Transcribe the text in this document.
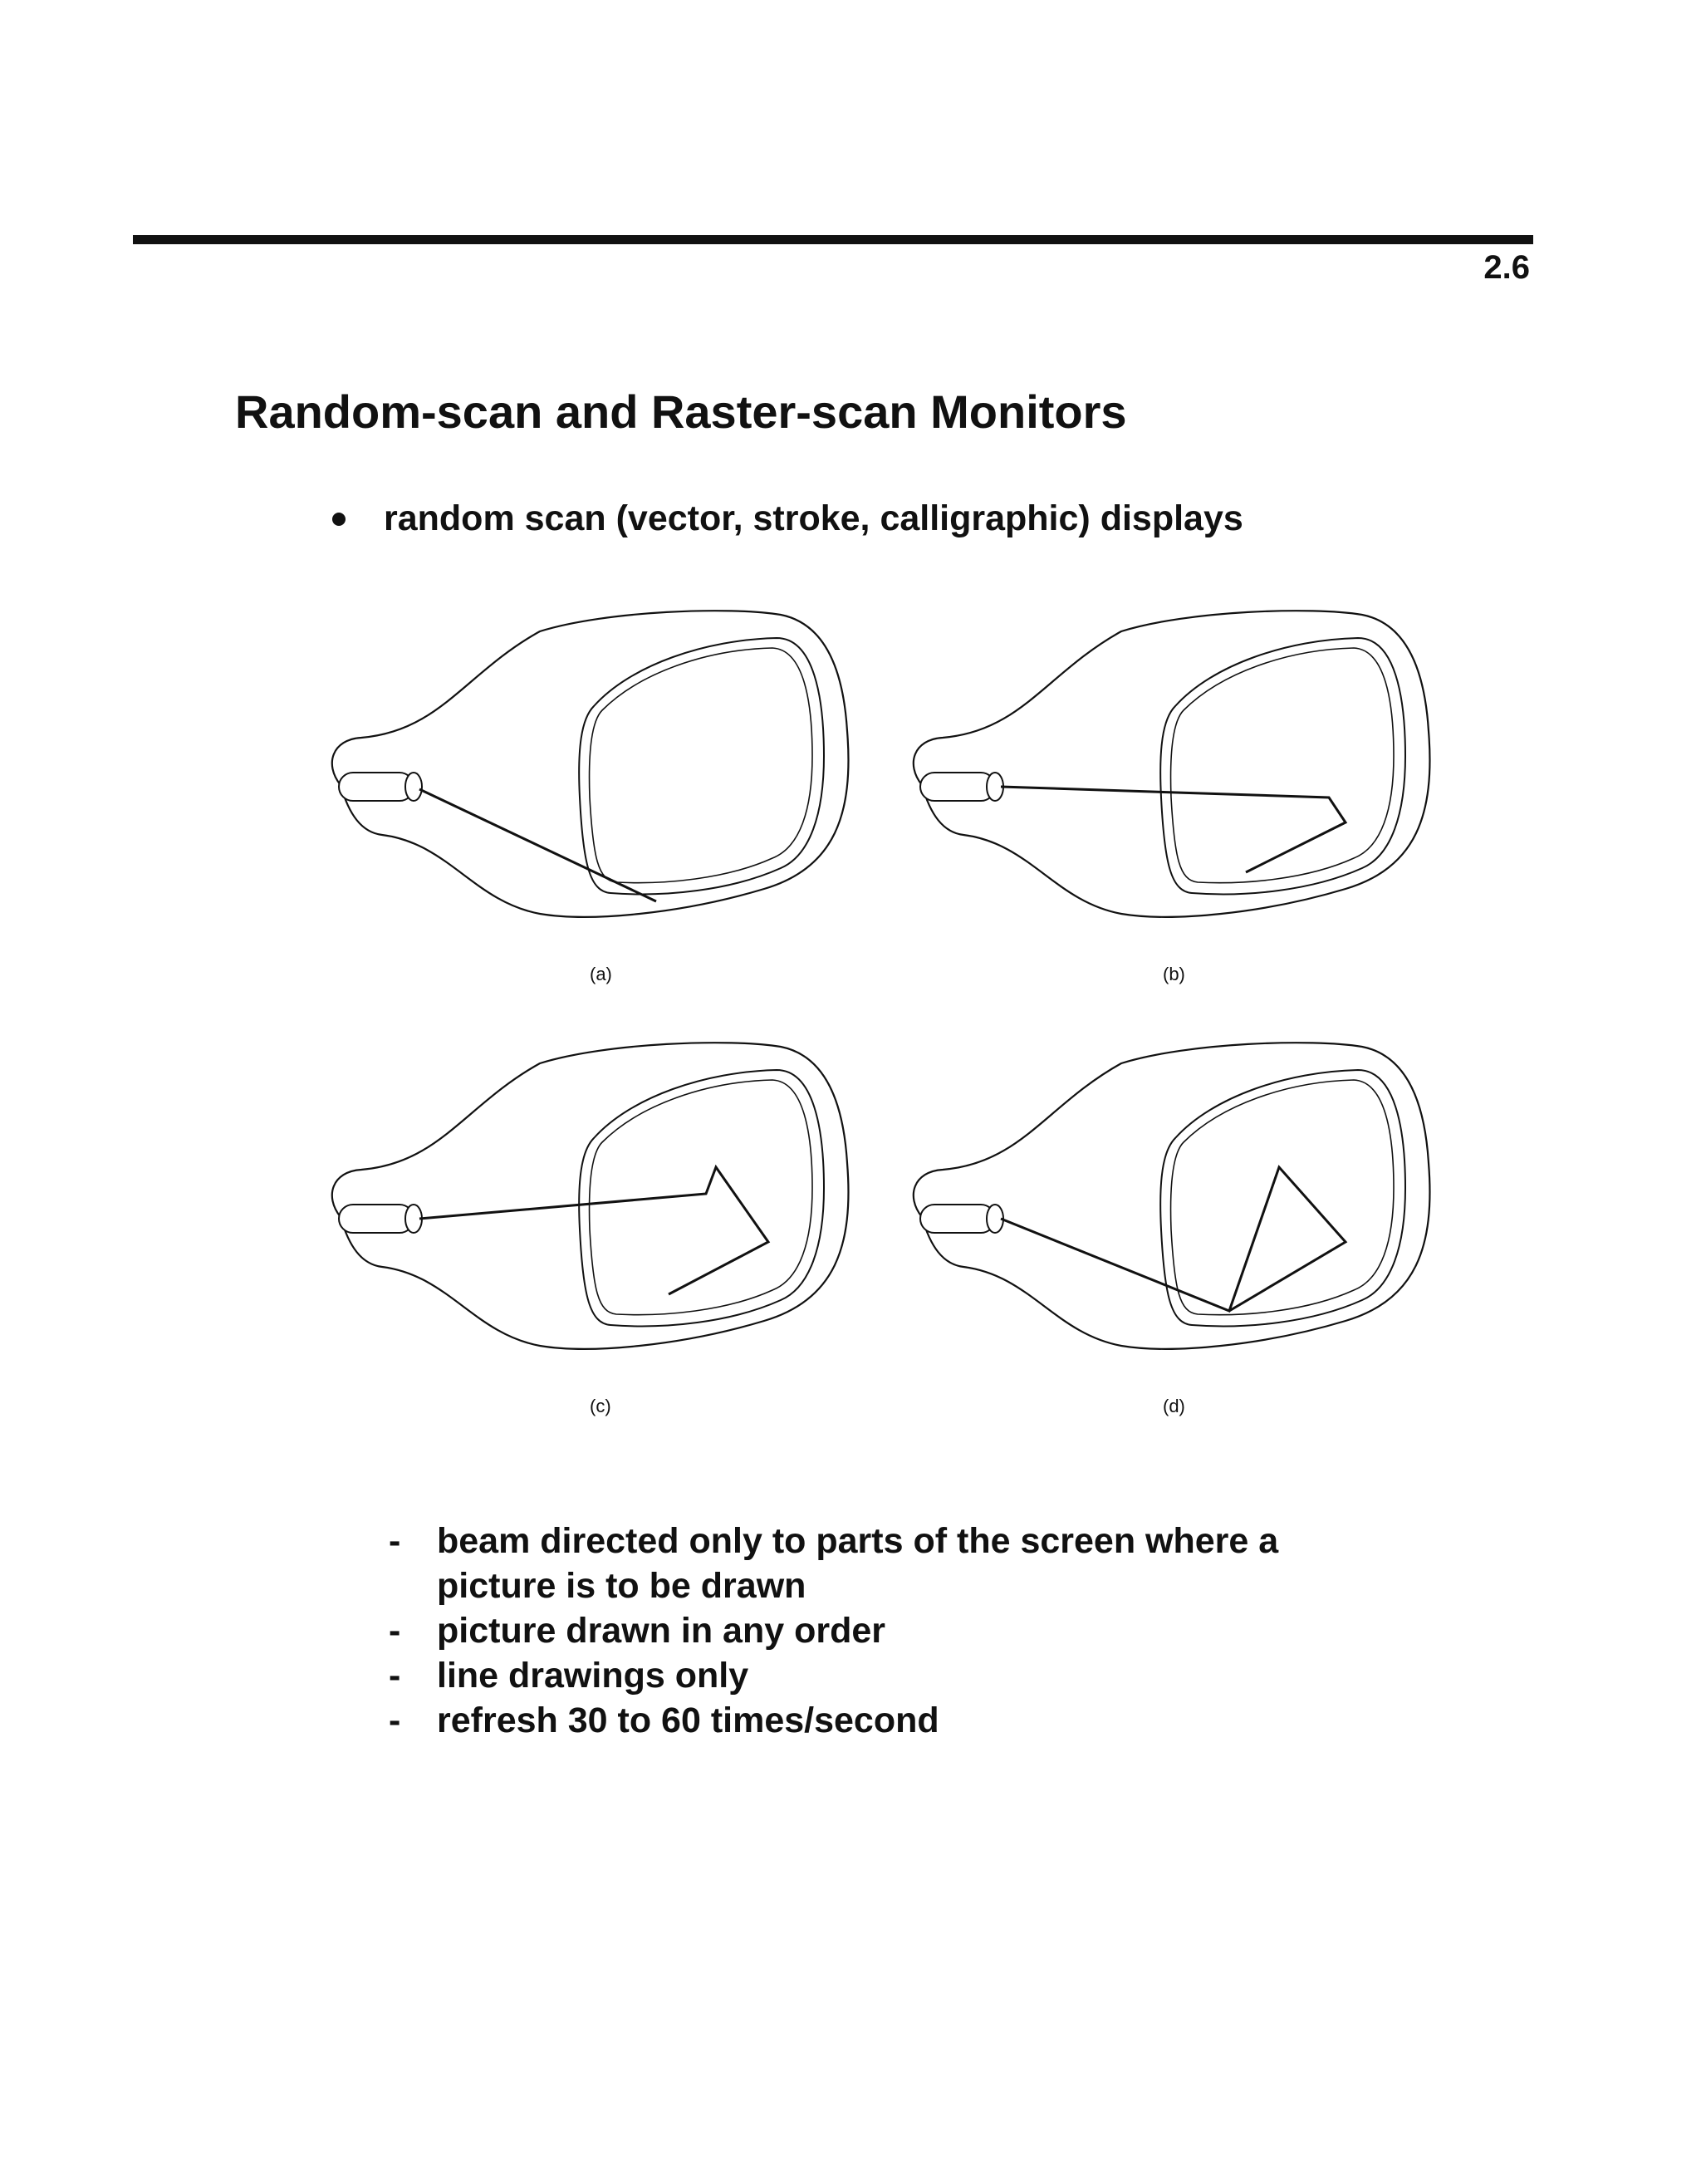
2.6
Random-scan and Raster-scan Monitors
random scan (vector, stroke, calligraphic) displays
(a)	(b)
(c)	(d)
-	beam directed only to parts of the screen where a picture is to be drawn
-	picture drawn in any order
-	line drawings only
-	refresh 30 to 60 times/second
